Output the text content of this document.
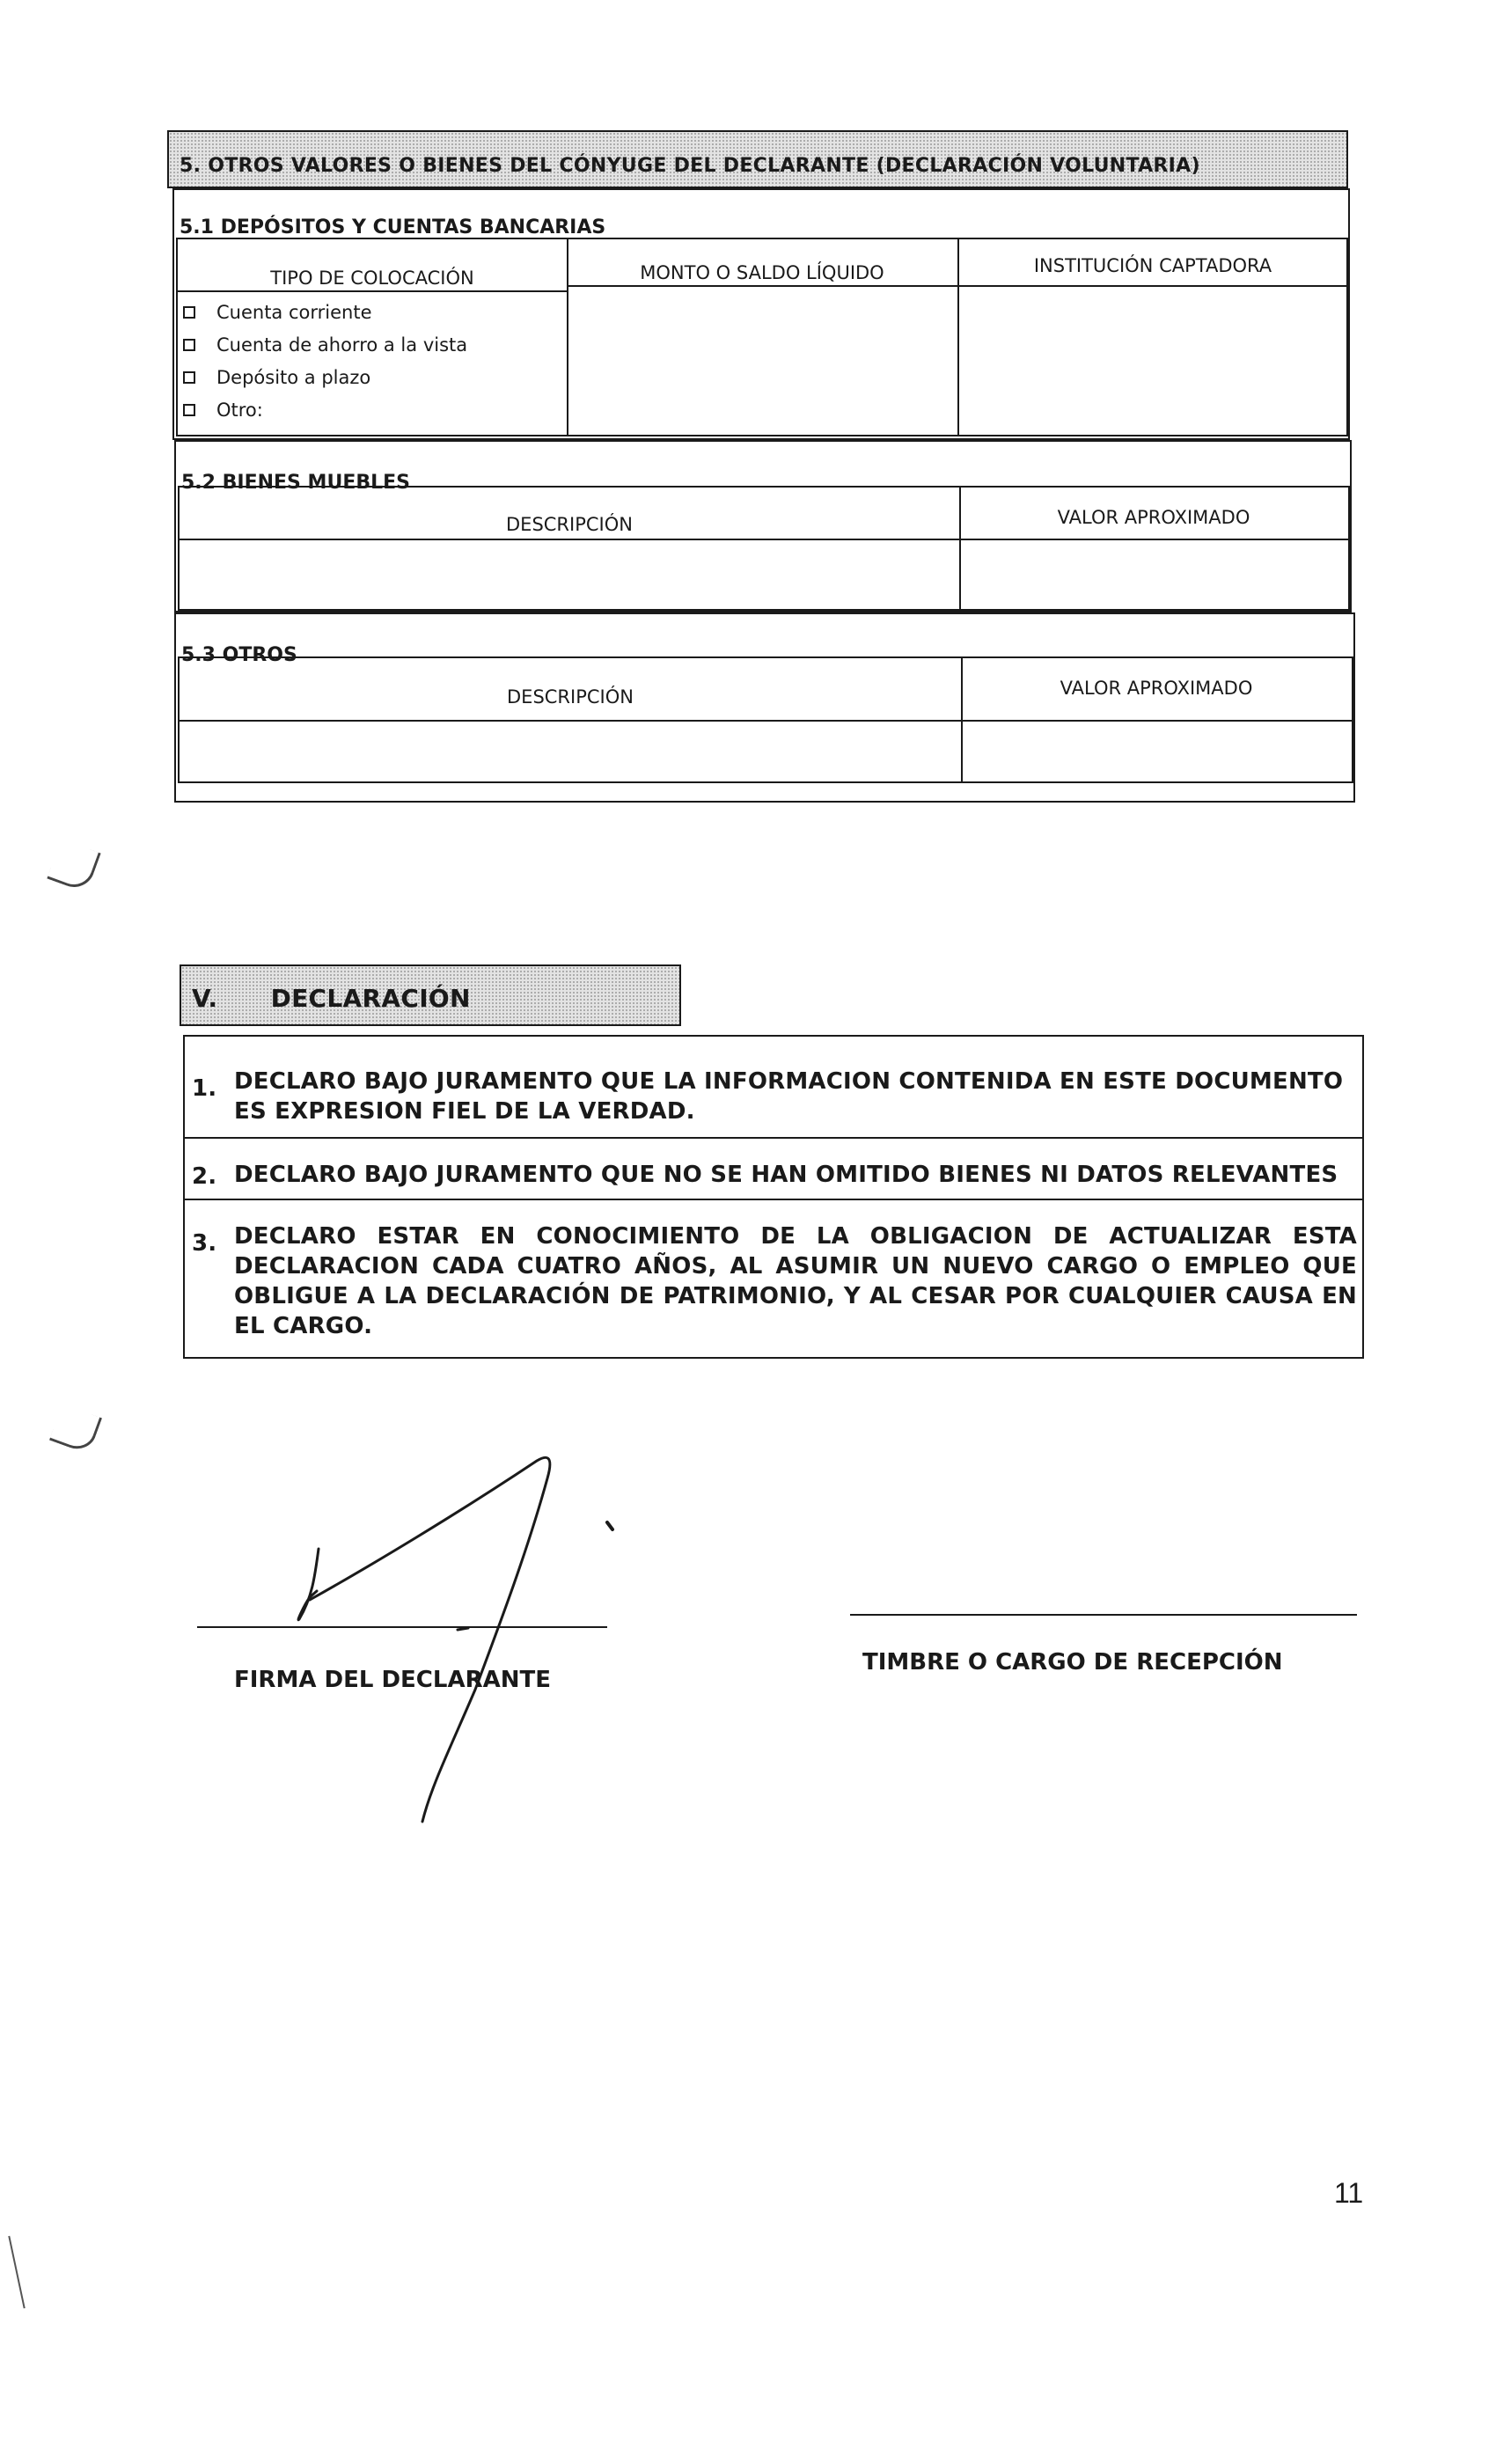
5. OTROS VALORES O BIENES DEL CÓNYUGE DEL DECLARANTE (DECLARACIÓN VOLUNTARIA)
5.1 DEPÓSITOS Y CUENTAS BANCARIAS
TIPO DE COLOCACIÓN	MONTO O SALDO LÍQUIDO	INSTITUCIÓN CAPTADORA
Cuenta corriente
Cuenta de ahorro a la vista
Depósito a plazo
Otro:
5.2 BIENES MUEBLES
DESCRIPCIÓN	VALOR APROXIMADO
5.3 OTROS
DESCRIPCIÓN	VALOR APROXIMADO
V.      DECLARACIÓN
1. DECLARO BAJO JURAMENTO QUE LA INFORMACION CONTENIDA EN ESTE DOCUMENTO ES EXPRESION FIEL DE LA VERDAD.
2. DECLARO BAJO JURAMENTO QUE NO SE HAN OMITIDO BIENES NI DATOS RELEVANTES
3. DECLARO ESTAR EN CONOCIMIENTO DE LA OBLIGACION DE ACTUALIZAR ESTA DECLARACION CADA CUATRO AÑOS, AL ASUMIR UN NUEVO CARGO O EMPLEO QUE OBLIGUE A LA DECLARACIÓN DE PATRIMONIO, Y AL CESAR POR CUALQUIER CAUSA EN EL CARGO.
FIRMA DEL DECLARANTE
TIMBRE O CARGO DE RECEPCIÓN
11
